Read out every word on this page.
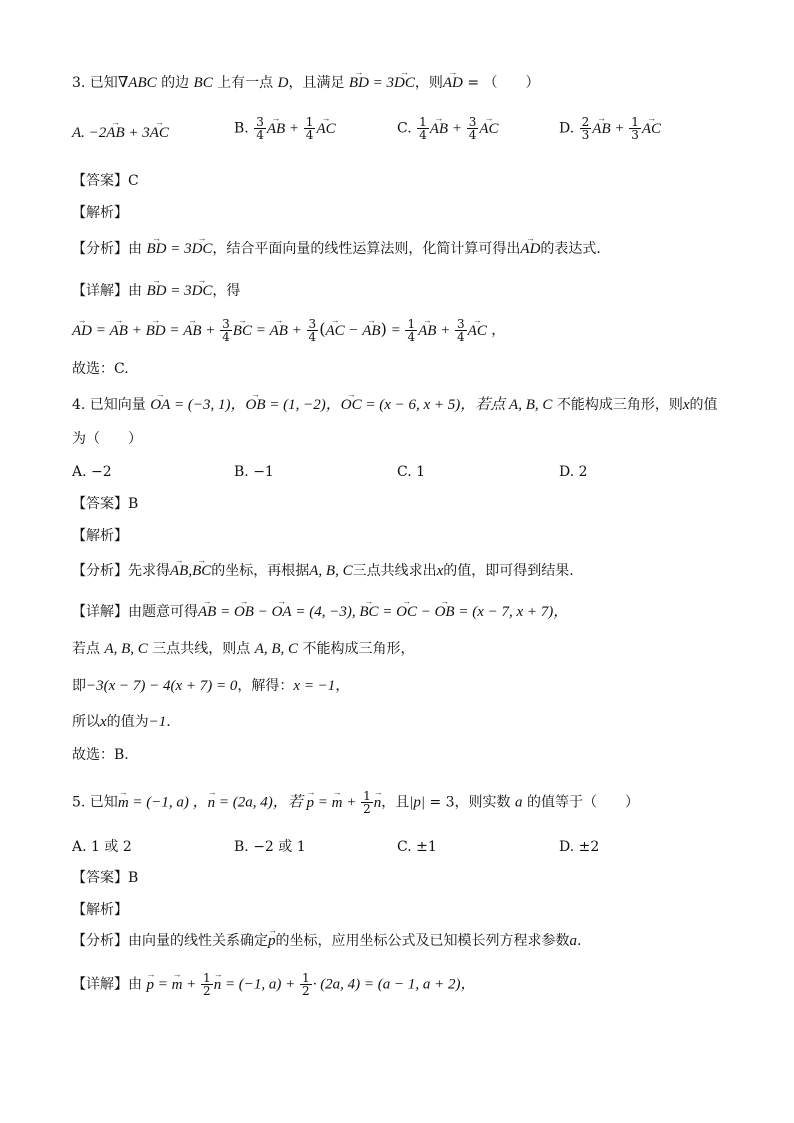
3. 已知∇ABC 的边 BC 上有一点 D，且满足 → BD = 3→ DC，则→ AD = （　　）
A. −2→ AB + 3→ AC	B. $\frac{3}{4}$
→ AB + $\frac{1}{4}$
→ AC	C. $\frac{1}{4}$
→ AB + $\frac{3}{4}$
→ AC	D. $\frac{2}{3}$
→ AB + $\frac{1}{3}$
→ AC
【答案】C
【解析】
【分析】由 → BD = 3→ DC，结合平面向量的线性运算法则，化简计算可得出→ AD的表达式.
【详解】由 → BD = 3→ DC，得
→ AD = → AB + → BD = → AB + $\frac{3}{4}$
→ BC = → AB + $\frac{3}{4}$ (→ AC − → $AB) = \frac{1}{4}$
→ AB + $\frac{3}{4}$
→ AC ，
故选：C.
4. 已知向量 → OA = (−3, 1)，→ OB = (1, −2)，→ OC = (x − 6, x + 5)，若点 A, B, C 不能构成三角形，则x的值
为（　　）
A. −2	B. −1	C. 1	D. 2
【答案】B
【解析】
【分析】先求得→ AB,→ BC的坐标，再根据A, B, C三点共线求出x的值，即可得到结果.
【详解】由题意可得→ AB = → OB − → OA = (4, −3), → BC = → OC − → OB = (x − 7, x + 7)，
若点 A, B, C 三点共线，则点 A, B, C 不能构成三角形，
即−3(x − 7) − 4(x + 7) = 0，解得：x = −1，
所以x的值为−1.
故选：B.
5. 已知→ m = (−1, a) ，→ n = (2a, 4)，若 → p = → $m + \frac{1}{2}$
→ n，且|p| = 3，则实数 a 的值等于（　　）
A. 1 或 2	B. −2 或 1	C. ±1	D. ±2
【答案】B
【解析】
【分析】由向量的线性关系确定→ p的坐标，应用坐标公式及已知模长列方程求参数a.
【详解】由 → p = → $m + \frac{1}{2}$
→ n = (−1, $a) + \frac{1}{2} \cdot (2a$, 4) = (a − 1, a + 2)，
